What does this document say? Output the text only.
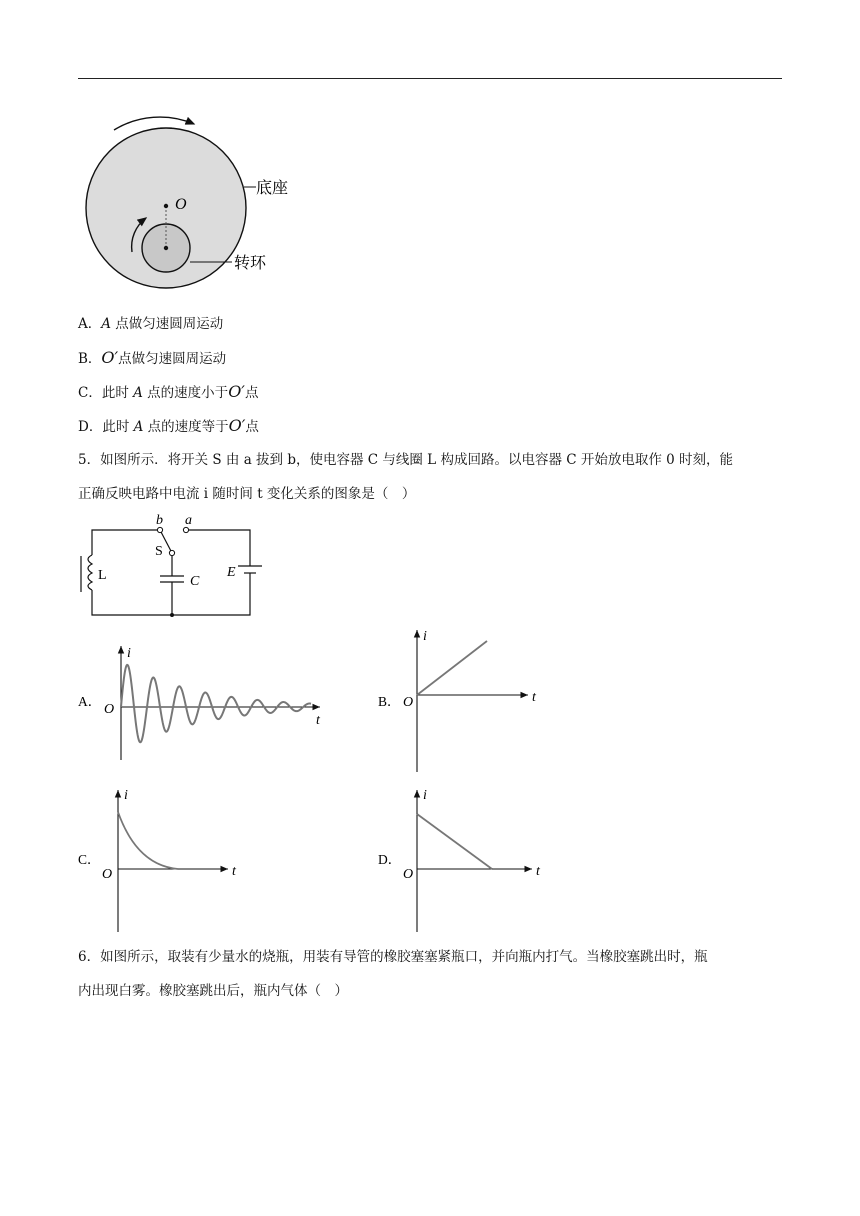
O
底座
转环
A．A 点做匀速圆周运动
B．O′点做匀速圆周运动
C．此时 A 点的速度小于O′点
D．此时 A 点的速度等于O′点
5．如图所示．将开关 S 由 a 拔到 b，使电容器 C 与线圈 L 构成回路。以电容器 C 开始放电取作 0 时刻，能
正确反映电路中电流 i 随时间 t 变化关系的图象是（　）
b a
S
L	C
E
i
t
O
A．
i
t
O
B．
i
t
O
C．
i
t
O
D．
6．如图所示，取装有少量水的烧瓶，用装有导管的橡胶塞塞紧瓶口，并向瓶内打气。当橡胶塞跳出时，瓶
内出现白雾。橡胶塞跳出后，瓶内气体（　）
